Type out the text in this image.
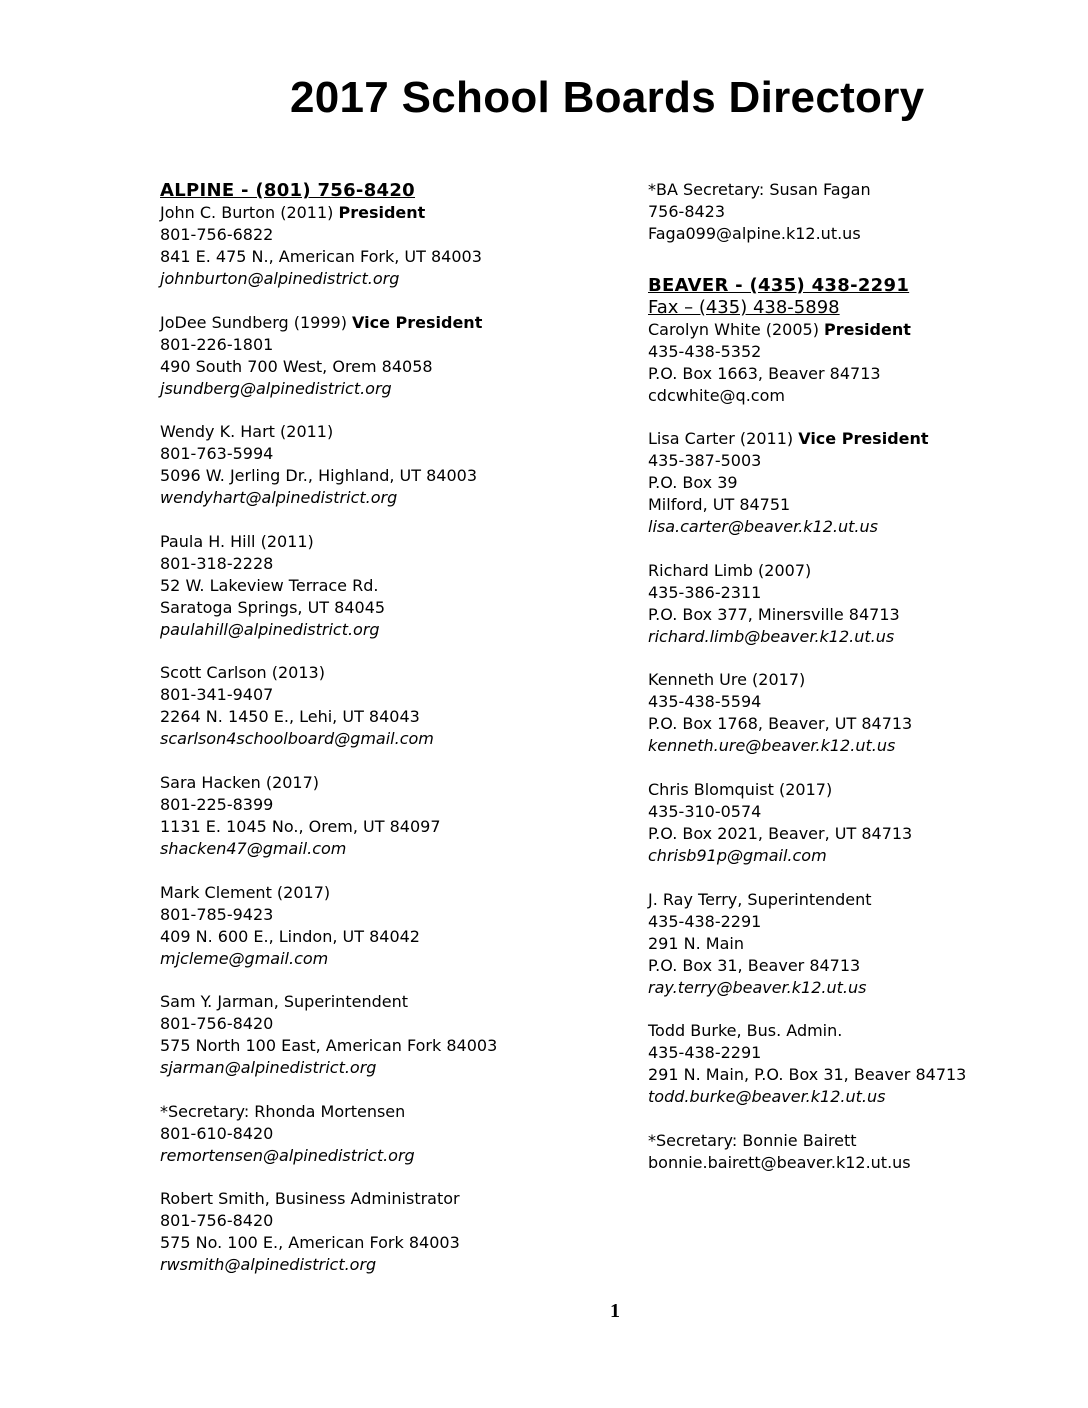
2017 School Boards Directory
ALPINE - (801) 756-8420
John C. Burton (2011) President
801-756-6822
841 E. 475 N., American Fork, UT 84003
johnburton@alpinedistrict.org
JoDee Sundberg (1999) Vice President
801-226-1801
490 South 700 West, Orem 84058
jsundberg@alpinedistrict.org
Wendy K. Hart (2011)
801-763-5994
5096 W. Jerling Dr., Highland, UT 84003
wendyhart@alpinedistrict.org
Paula H. Hill (2011)
801-318-2228
52 W. Lakeview Terrace Rd.
Saratoga Springs, UT 84045
paulahill@alpinedistrict.org
Scott Carlson (2013)
801-341-9407
2264 N. 1450 E., Lehi, UT 84043
scarlson4schoolboard@gmail.com
Sara Hacken (2017)
801-225-8399
1131 E. 1045 No., Orem, UT 84097
shacken47@gmail.com
Mark Clement (2017)
801-785-9423
409 N. 600 E., Lindon, UT 84042
mjcleme@gmail.com
Sam Y. Jarman, Superintendent
801-756-8420
575 North 100 East, American Fork 84003
sjarman@alpinedistrict.org
*Secretary: Rhonda Mortensen
801-610-8420
remortensen@alpinedistrict.org
Robert Smith, Business Administrator
801-756-8420
575 No. 100 E., American Fork 84003
rwsmith@alpinedistrict.org
*BA Secretary: Susan Fagan
756-8423
Faga099@alpine.k12.ut.us
BEAVER - (435) 438-2291
Fax – (435) 438-5898
Carolyn White (2005) President
435-438-5352
P.O. Box 1663, Beaver 84713
cdcwhite@q.com
Lisa Carter (2011) Vice President
435-387-5003
P.O. Box 39
Milford, UT 84751
lisa.carter@beaver.k12.ut.us
Richard Limb (2007)
435-386-2311
P.O. Box 377, Minersville 84713
richard.limb@beaver.k12.ut.us
Kenneth Ure (2017)
435-438-5594
P.O. Box 1768, Beaver, UT 84713
kenneth.ure@beaver.k12.ut.us
Chris Blomquist (2017)
435-310-0574
P.O. Box 2021, Beaver, UT 84713
chrisb91p@gmail.com
J. Ray Terry, Superintendent
435-438-2291
291 N. Main
P.O. Box 31, Beaver 84713
ray.terry@beaver.k12.ut.us
Todd Burke, Bus. Admin.
435-438-2291
291 N. Main, P.O. Box 31, Beaver 84713
todd.burke@beaver.k12.ut.us
*Secretary: Bonnie Bairett
bonnie.bairett@beaver.k12.ut.us
1
